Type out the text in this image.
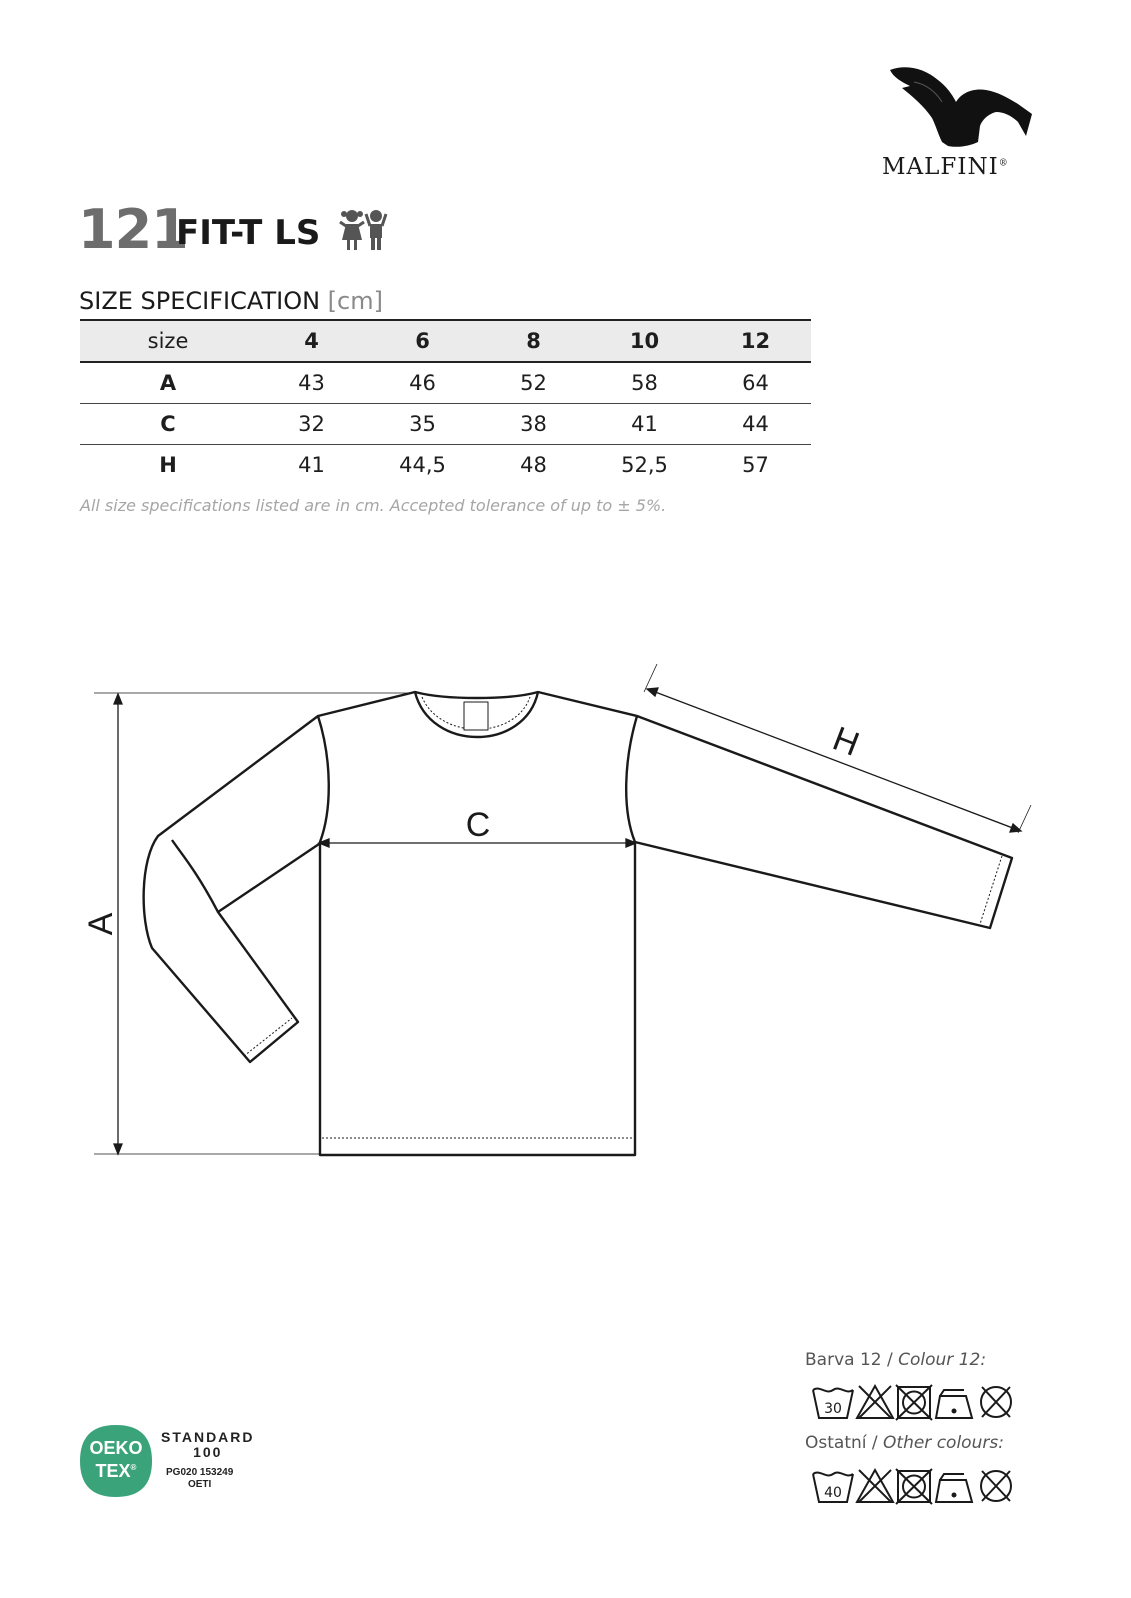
MALFINI®
121
FIT-T LS
SIZE SPECIFICATION [cm]
size	4	6	8	10	12
A	43	46	52	58	64
C	32	35	38	41	44
H	41	44,5	48	52,5	57
All size specifications listed are in cm. Accepted tolerance of up to ± 5%.
A
C
H
Barva 12 / Colour 12:
30
Ostatní / Other colours:
40
OEKO
TEX®
STANDARD
100
PG020 153249
OETI
